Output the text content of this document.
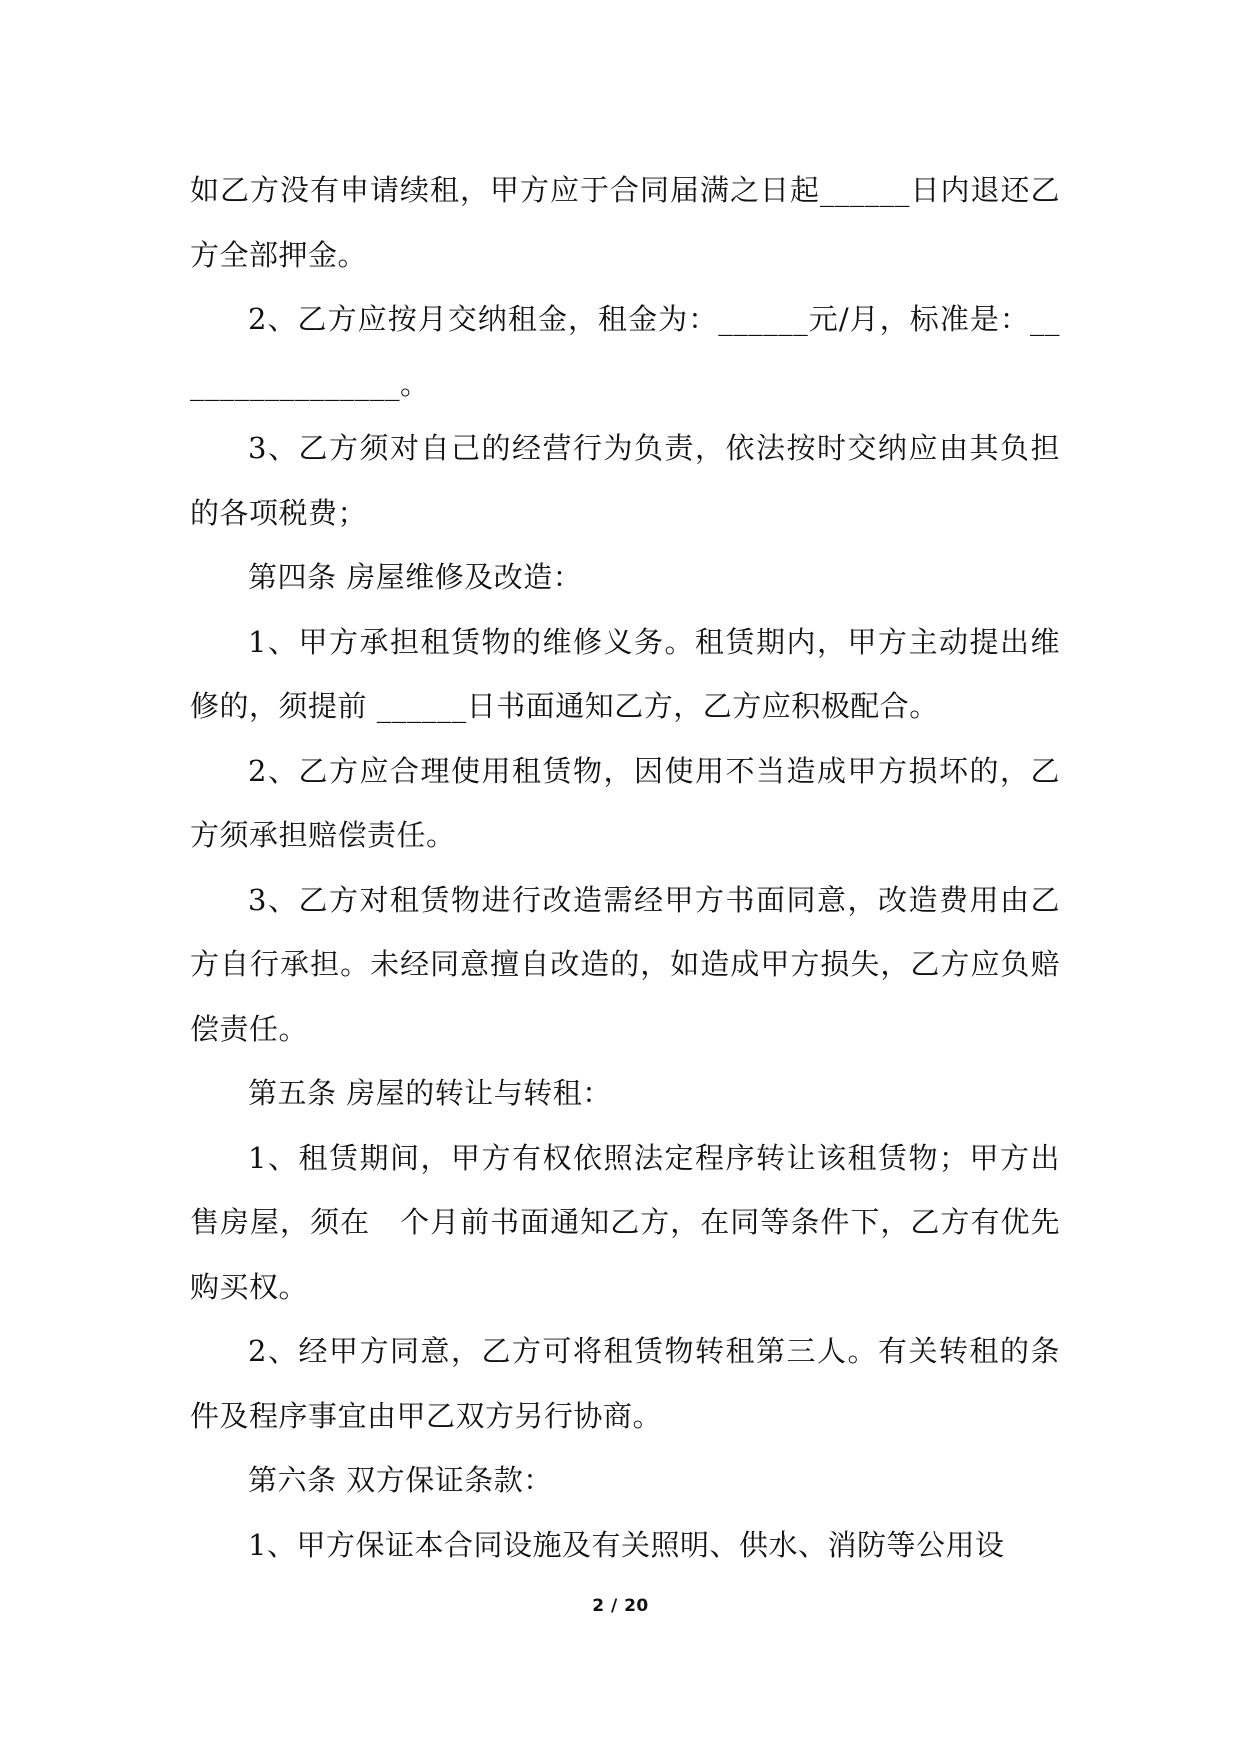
如乙方没有申请续租，甲方应于合同届满之日起______日内退还乙方全部押金。

2、乙方应按月交纳租金，租金为：______元/月，标准是：________________。

3、乙方须对自己的经营行为负责，依法按时交纳应由其负担的各项税费；

第四条 房屋维修及改造：

1、甲方承担租赁物的维修义务。租赁期内，甲方主动提出维修的，须提前 ______日书面通知乙方，乙方应积极配合。

2、乙方应合理使用租赁物，因使用不当造成甲方损坏的，乙方须承担赔偿责任。

3、乙方对租赁物进行改造需经甲方书面同意，改造费用由乙方自行承担。未经同意擅自改造的，如造成甲方损失，乙方应负赔偿责任。

第五条 房屋的转让与转租：

1、租赁期间，甲方有权依照法定程序转让该租赁物；甲方出售房屋，须在　个月前书面通知乙方，在同等条件下，乙方有优先购买权。

2、经甲方同意，乙方可将租赁物转租第三人。有关转租的条件及程序事宜由甲乙双方另行协商。

第六条 双方保证条款：

1、甲方保证本合同设施及有关照明、供水、消防等公用设

2 / 20
